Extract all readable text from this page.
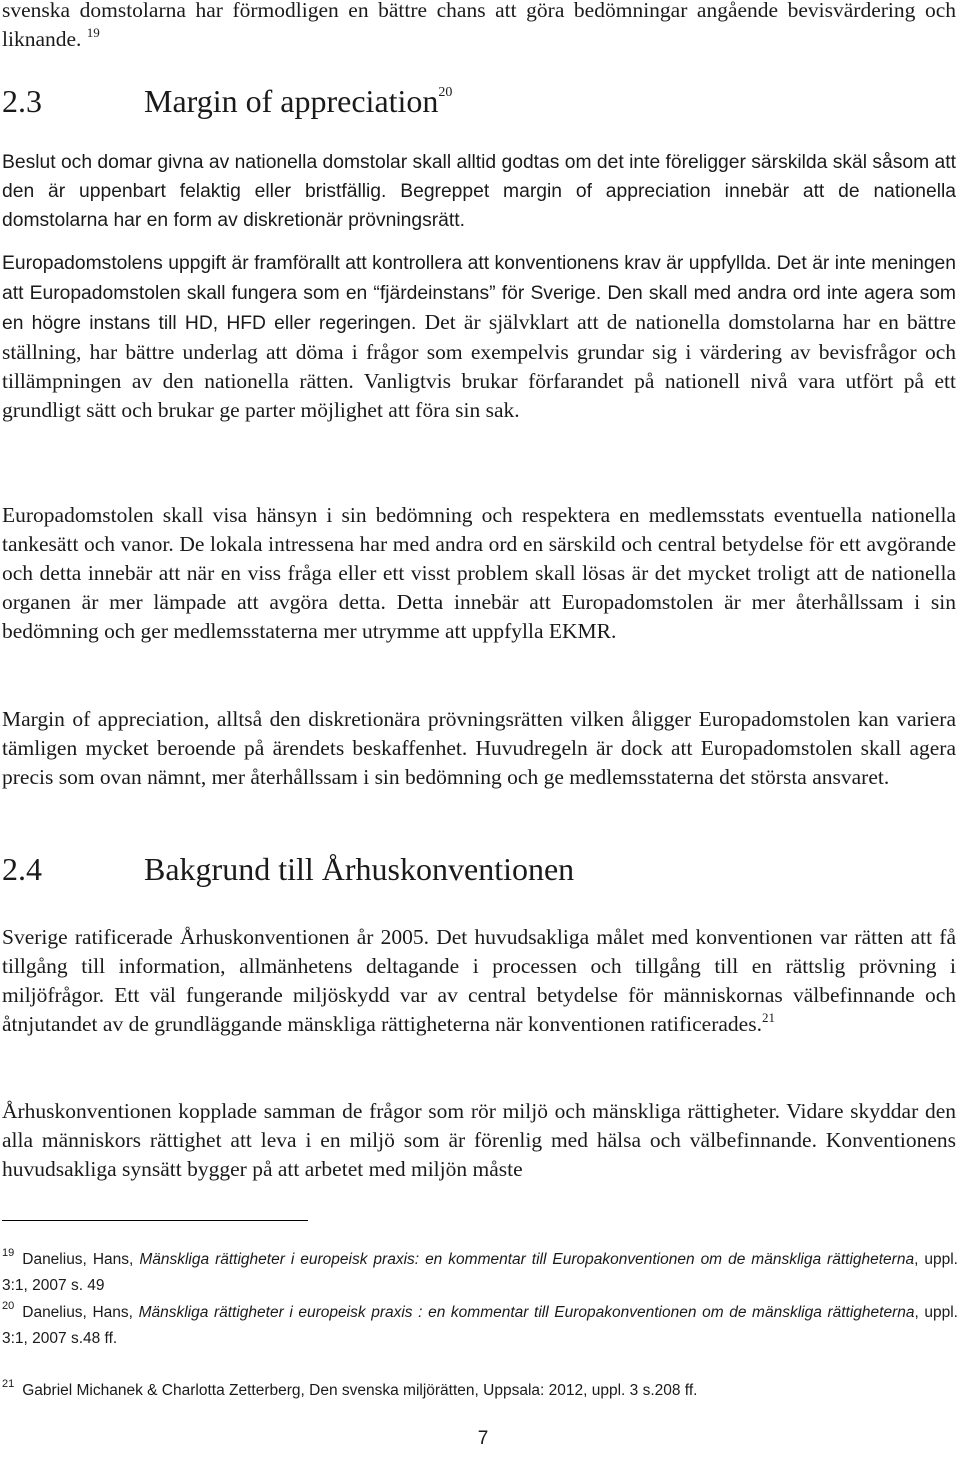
svenska domstolarna har förmodligen en bättre chans att göra bedömningar angående bevisvärdering och liknande. $^{19}$
2.3	Margin of appreciation$^{20}$
Beslut och domar givna av nationella domstolar skall alltid godtas om det inte föreligger särskilda skäl såsom att den är uppenbart felaktig eller bristfällig. Begreppet margin of appreciation innebär att de nationella domstolarna har en form av diskretionär prövningsrätt.
Europadomstolens uppgift är framförallt att kontrollera att konventionens krav är uppfyllda. Det är inte meningen att Europadomstolen skall fungera som en “fjärdeinstans” för Sverige. Den skall med andra ord inte agera som en högre instans till HD, HFD eller regeringen. Det är självklart att de nationella domstolarna har en bättre ställning, har bättre underlag att döma i frågor som exempelvis grundar sig i värdering av bevisfrågor och tillämpningen av den nationella rätten. Vanligtvis brukar förfarandet på nationell nivå vara utfört på ett grundligt sätt och brukar ge parter möjlighet att föra sin sak.
Europadomstolen skall visa hänsyn i sin bedömning och respektera en medlemsstats eventuella nationella tankesätt och vanor. De lokala intressena har med andra ord en särskild och central betydelse för ett avgörande och detta innebär att när en viss fråga eller ett visst problem skall lösas är det mycket troligt att de nationella organen är mer lämpade att avgöra detta. Detta innebär att Europadomstolen är mer återhållssam i sin bedömning och ger medlemsstaterna mer utrymme att uppfylla EKMR.
Margin of appreciation, alltså den diskretionära prövningsrätten vilken åligger Europadomstolen kan variera tämligen mycket beroende på ärendets beskaffenhet. Huvudregeln är dock att Europadomstolen skall agera precis som ovan nämnt, mer återhållssam i sin bedömning och ge medlemsstaterna det största ansvaret.
2.4	Bakgrund till Århuskonventionen
Sverige ratificerade Århuskonventionen år 2005. Det huvudsakliga målet med konventionen var rätten att få tillgång till information, allmänhetens deltagande i processen och tillgång till en rättslig prövning i miljöfrågor. Ett väl fungerande miljöskydd var av central betydelse för människornas välbefinnande och åtnjutandet av de grundläggande mänskliga rättigheterna när konventionen ratificerades.$^{21}$
Århuskonventionen kopplade samman de frågor som rör miljö och mänskliga rättigheter. Vidare skyddar den alla människors rättighet att leva i en miljö som är förenlig med hälsa och välbefinnande. Konventionens huvudsakliga synsätt bygger på att arbetet med miljön måste
$^{19}$ Danelius, Hans, Mänskliga rättigheter i europeisk praxis: en kommentar till Europakonventionen om de mänskliga rättigheterna, uppl. 3:1, 2007 s. 49
$^{20}$ Danelius, Hans, Mänskliga rättigheter i europeisk praxis : en kommentar till Europakonventionen om de mänskliga rättigheterna, uppl. 3:1, 2007 s.48 ff.
$^{21}$ Gabriel Michanek & Charlotta Zetterberg, Den svenska miljörätten, Uppsala: 2012, uppl. 3 s.208 ff.
7
